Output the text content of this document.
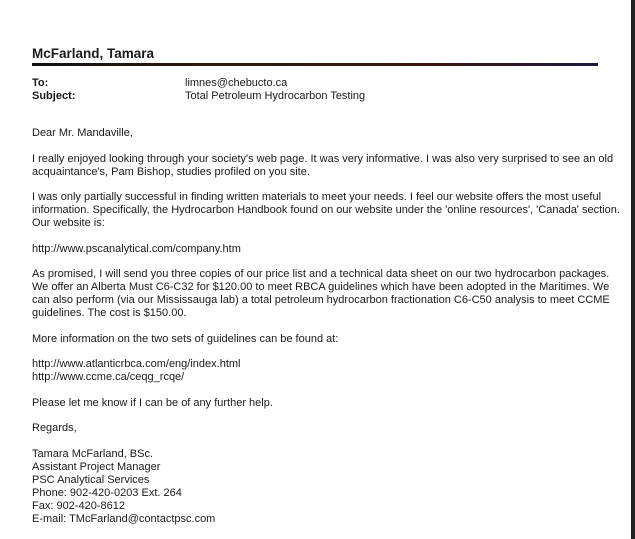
McFarland, Tamara
To:	limnes@chebucto.ca
Subject:	Total Petroleum Hydrocarbon Testing

Dear Mr. Mandaville,

I really enjoyed looking through your society's web page. It was very informative. I was also very surprised to see an old
acquaintance's, Pam Bishop, studies profiled on you site.

I was only partially successful in finding written materials to meet your needs. I feel our website offers the most useful
information. Specifically, the Hydrocarbon Handbook found on our website under the 'online resources', 'Canada' section.
Our website is:

http://www.pscanalytical.com/company.htm

As promised, I will send you three copies of our price list and a technical data sheet on our two hydrocarbon packages.
We offer an Alberta Must C6-C32 for $120.00 to meet RBCA guidelines which have been adopted in the Maritimes. We
can also perform (via our Mississauga lab) a total petroleum hydrocarbon fractionation C6-C50 analysis to meet CCME
guidelines. The cost is $150.00.

More information on the two sets of guidelines can be found at:

http://www.atlanticrbca.com/eng/index.html
http://www.ccme.ca/ceqg_rcqe/

Please let me know if I can be of any further help.

Regards,

Tamara McFarland, BSc.
Assistant Project Manager
PSC Analytical Services
Phone: 902-420-0203 Ext. 264
Fax: 902-420-8612
E-mail: TMcFarland@contactpsc.com
